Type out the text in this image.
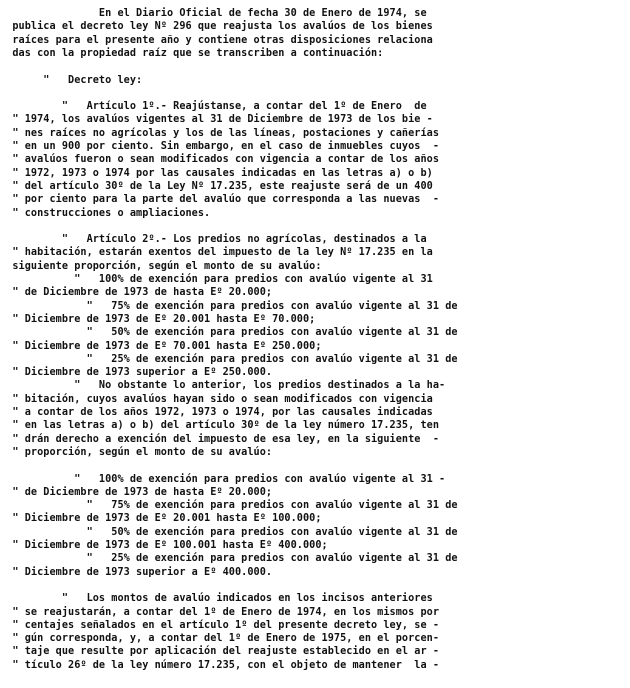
En el Diario Oficial de fecha 30 de Enero de 1974, se
publica el decreto ley Nº 296 que reajusta los avalúos de los bienes
raíces para el presente año y contiene otras disposiciones relaciona
das con la propiedad raíz que se transcriben a continuación:
"   Decreto ley:
"   Artículo 1º.- Reajústanse, a contar del 1º de Enero  de
" 1974, los avalúos vigentes al 31 de Diciembre de 1973 de los bie -
" nes raíces no agrícolas y los de las líneas, postaciones y cañerías
" en un 900 por ciento. Sin embargo, en el caso de inmuebles cuyos  -
" avalúos fueron o sean modificados con vigencia a contar de los años
" 1972, 1973 o 1974 por las causales indicadas en las letras a) o b)
" del artículo 30º de la Ley Nº 17.235, este reajuste será de un 400
" por ciento para la parte del avalúo que corresponda a las nuevas  -
" construcciones o ampliaciones.
"   Artículo 2º.- Los predios no agrícolas, destinados a la
" habitación, estarán exentos del impuesto de la ley Nº 17.235 en la
siguiente proporción, según el monto de su avalúo:
"   100% de exención para predios con avalúo vigente al 31
" de Diciembre de 1973 de hasta Eº 20.000;
"   75% de exención para predios con avalúo vigente al 31 de
" Diciembre de 1973 de Eº 20.001 hasta Eº 70.000;
"   50% de exención para predios con avalúo vigente al 31 de
" Diciembre de 1973 de Eº 70.001 hasta Eº 250.000;
"   25% de exención para predios con avalúo vigente al 31 de
" Diciembre de 1973 superior a Eº 250.000.
"   No obstante lo anterior, los predios destinados a la ha-
" bitación, cuyos avalúos hayan sido o sean modificados con vigencia
" a contar de los años 1972, 1973 o 1974, por las causales indicadas
" en las letras a) o b) del artículo 30º de la ley número 17.235, ten
" drán derecho a exención del impuesto de esa ley, en la siguiente  -
" proporción, según el monto de su avalúo:
"   100% de exención para predios con avalúo vigente al 31 -
" de Diciembre de 1973 de hasta Eº 20.000;
"   75% de exención para predios con avalúo vigente al 31 de
" Diciembre de 1973 de Eº 20.001 hasta Eº 100.000;
"   50% de exención para predios con avalúo vigente al 31 de
" Diciembre de 1973 de Eº 100.001 hasta Eº 400.000;
"   25% de exención para predios con avalúo vigente al 31 de
" Diciembre de 1973 superior a Eº 400.000.
"   Los montos de avalúo indicados en los incisos anteriores
" se reajustarán, a contar del 1º de Enero de 1974, en los mismos por
" centajes señalados en el artículo 1º del presente decreto ley, se -
" gún corresponda, y, a contar del 1º de Enero de 1975, en el porcen-
" taje que resulte por aplicación del reajuste establecido en el ar -
" tículo 26º de la ley número 17.235, con el objeto de mantener  la -
